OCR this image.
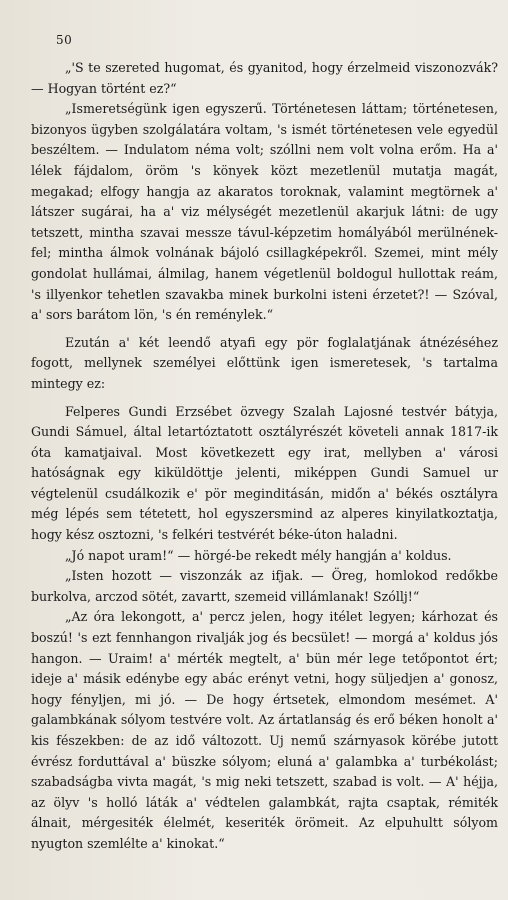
50

„'S te szereted hugomat, és gyanitod, hogy érzelmeid viszonozvák? — Hogyan történt ez?“

„Ismeretségünk igen egyszerű. Történetesen láttam; történetesen, bizonyos ügyben szolgálatára voltam, 's ismét történetesen vele egyedül beszéltem. — Indulatom néma volt; szóllni nem volt volna erőm. Ha a' lélek fájdalom, öröm 's könyek közt mezetlenül mutatja magát, megakad; elfogy hangja az akaratos toroknak, valamint megtörnek a' látszer sugárai, ha a' viz mélységét mezetlenül akarjuk látni: de ugy tetszett, mintha szavai messze távul-képzetim homályából merülnének-fel; mintha álmok volnának bájoló csillagképekről. Szemei, mint mély gondolat hullámai, álmilag, hanem végetlenül boldogul hullottak reám, 's illyenkor tehetlen szavakba minek burkolni isteni érzetet?! — Szóval, a' sors barátom lön, 's én reménylek.“

Ezután a' két leendő atyafi egy pör foglalatjának átnézéséhez fogott, mellynek személyei előttünk igen ismeretesek, 's tartalma mintegy ez:

Felperes Gundi Erzsébet özvegy Szalah Lajosné testvér bátyja, Gundi Sámuel, által letartóztatott osztályrészét követeli annak 1817-ik óta kamatjaival. Most következett egy irat, mellyben a' városi hatóságnak egy kiküldöttje jelenti, miképpen Gundi Samuel ur végtelenül csudálkozik e' pör meginditásán, midőn a' békés osztályra még lépés sem tétetett, hol egyszersmind az alperes kinyilatkoztatja, hogy kész osztozni, 's felkéri testvérét béke-úton haladni.

„Jó napot uram!“ — hörgé-be rekedt mély hangján a' koldus.

„Isten hozott — viszonzák az ifjak. — Öreg, homlokod redőkbe burkolva, arczod sötét, zavartt, szemeid villámlanak! Szóllj!“

„Az óra lekongott, a' percz jelen, hogy itélet legyen; kárhozat és boszú! 's ezt fennhangon rivalják jog és becsület! — morgá a' koldus jós hangon. — Uraim! a' mérték megtelt, a' bün mér lege tetőpontot ért; ideje a' másik edénybe egy abác erényt vetni, hogy süljedjen a' gonosz, hogy fényljen, mi jó. — De hogy értsetek, elmondom mesémet. A' galambkának sólyom testvére volt. Az ártatlanság és erő béken honolt a' kis fészekben: de az idő változott. Uj nemű szárnyasok körébe jutott évrész forduttával a' büszke sólyom; eluná a' galambka a' turbékolást; szabadságba vivta magát, 's mig neki tetszett, szabad is volt. — A' héjja, az ölyv 's holló láták a' védtelen galambkát, rajta csaptak, rémiték álnait, mérgesiték élelmét, keseriték örömeit. Az elpuhultt sólyom nyugton szemlélte a' kinokat.“
